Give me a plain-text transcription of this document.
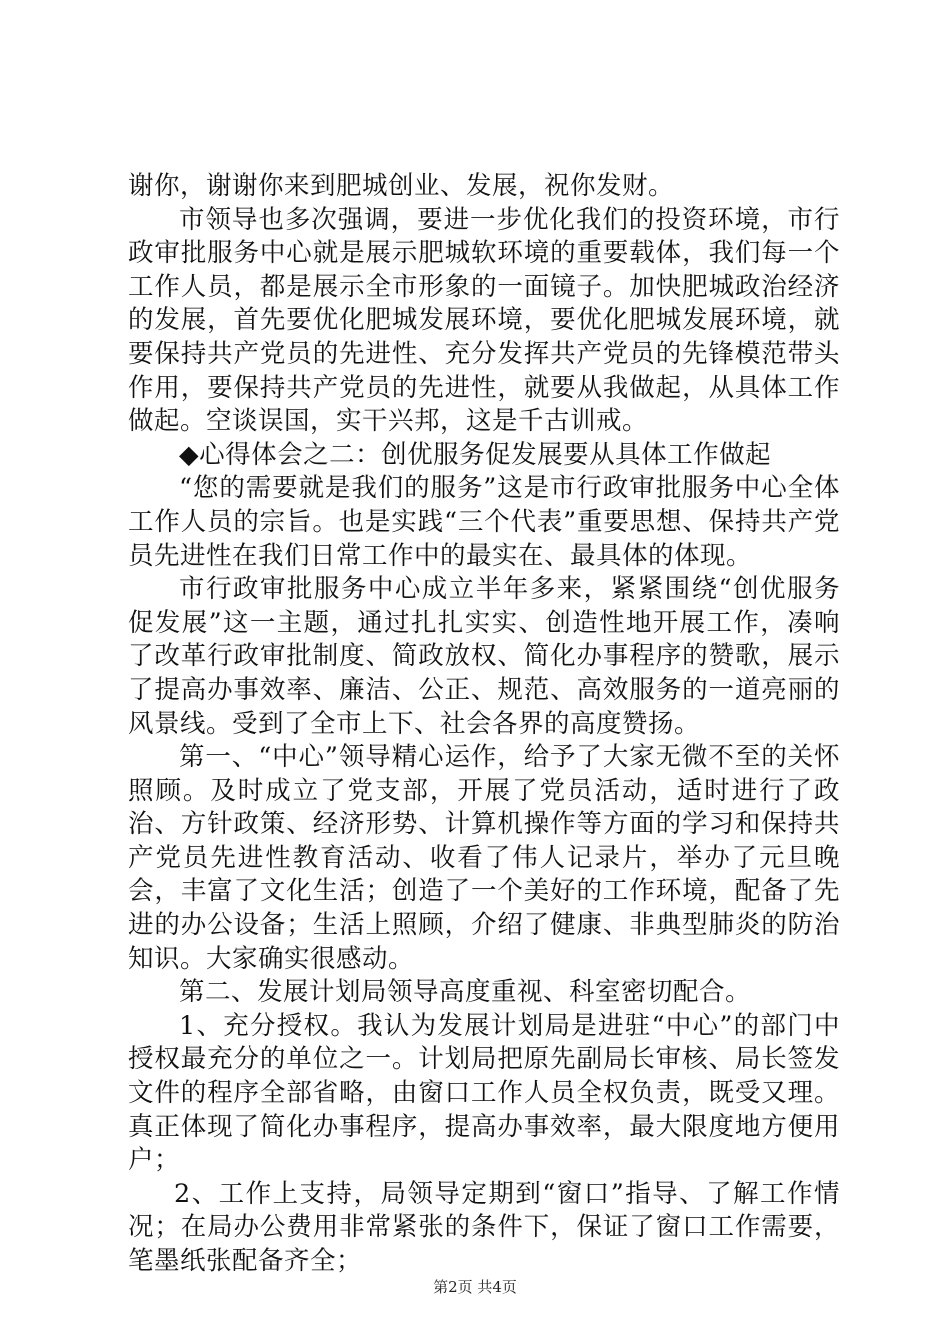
谢你，谢谢你来到肥城创业、发展，祝你发财。

市领导也多次强调，要进一步优化我们的投资环境，市行政审批服务中心就是展示肥城软环境的重要载体，我们每一个工作人员，都是展示全市形象的一面镜子。加快肥城政治经济的发展，首先要优化肥城发展环境，要优化肥城发展环境，就要保持共产党员的先进性、充分发挥共产党员的先锋模范带头作用，要保持共产党员的先进性，就要从我做起，从具体工作做起。空谈误国，实干兴邦，这是千古训戒。

◆心得体会之二：创优服务促发展要从具体工作做起

“您的需要就是我们的服务”这是市行政审批服务中心全体工作人员的宗旨。也是实践“三个代表”重要思想、保持共产党员先进性在我们日常工作中的最实在、最具体的体现。

市行政审批服务中心成立半年多来，紧紧围绕“创优服务促发展”这一主题，通过扎扎实实、创造性地开展工作，凑响了改革行政审批制度、简政放权、简化办事程序的赞歌，展示了提高办事效率、廉洁、公正、规范、高效服务的一道亮丽的风景线。受到了全市上下、社会各界的高度赞扬。

第一、“中心”领导精心运作，给予了大家无微不至的关怀照顾。及时成立了党支部，开展了党员活动，适时进行了政治、方针政策、经济形势、计算机操作等方面的学习和保持共产党员先进性教育活动、收看了伟人记录片，举办了元旦晚会，丰富了文化生活；创造了一个美好的工作环境，配备了先进的办公设备；生活上照顾，介绍了健康、非典型肺炎的防治知识。大家确实很感动。

第二、发展计划局领导高度重视、科室密切配合。

1、充分授权。我认为发展计划局是进驻“中心”的部门中授权最充分的单位之一。计划局把原先副局长审核、局长签发文件的程序全部省略，由窗口工作人员全权负责，既受又理。真正体现了简化办事程序，提高办事效率，最大限度地方便用户；

2、工作上支持，局领导定期到“窗口”指导、了解工作情况；在局办公费用非常紧张的条件下，保证了窗口工作需要，笔墨纸张配备齐全；

第2页 共4页
